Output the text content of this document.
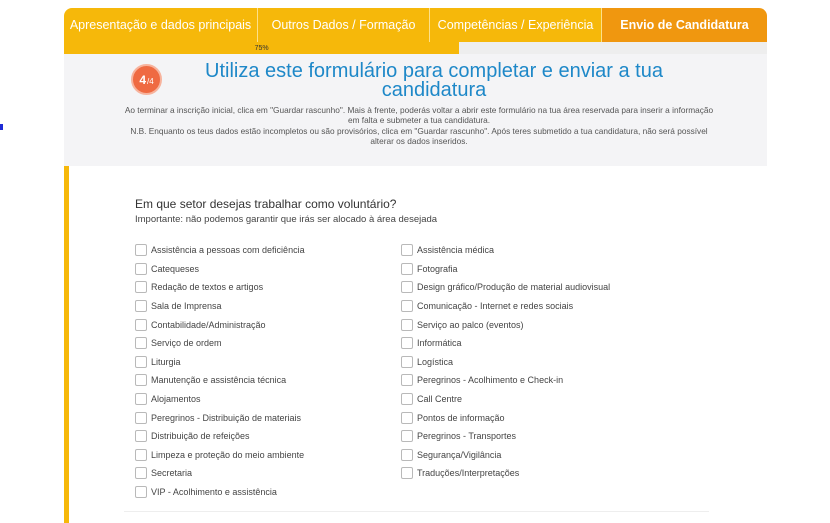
Apresentação e dados principais	Outros Dados / Formação	Competências / Experiência	Envio de Candidatura
75%
4 /4	Utiliza este formulário para completar e enviar a tua candidatura
Ao terminar a inscrição inicial, clica em "Guardar rascunho". Mais à frente, poderás voltar a abrir este formulário na tua área reservada para inserir a informação em falta e submeter a tua candidatura.
N.B. Enquanto os teus dados estão incompletos ou são provisórios, clica em "Guardar rascunho". Após teres submetido a tua candidatura, não será possível alterar os dados inseridos.
Em que setor desejas trabalhar como voluntário?
Importante: não podemos garantir que irás ser alocado à área desejada
Assistência a pessoas com deficiência
Catequeses
Redação de textos e artigos
Sala de Imprensa
Contabilidade/Administração
Serviço de ordem
Liturgia
Manutenção e assistência técnica
Alojamentos
Peregrinos - Distribuição de materiais
Distribuição de refeições
Limpeza e proteção do meio ambiente
Secretaria
VIP - Acolhimento e assistência
Assistência médica
Fotografia
Design gráfico/Produção de material audiovisual
Comunicação - Internet e redes sociais
Serviço ao palco (eventos)
Informática
Logística
Peregrinos - Acolhimento e Check-in
Call Centre
Pontos de informação
Peregrinos - Transportes
Segurança/Vigilância
Traduções/Interpretações
